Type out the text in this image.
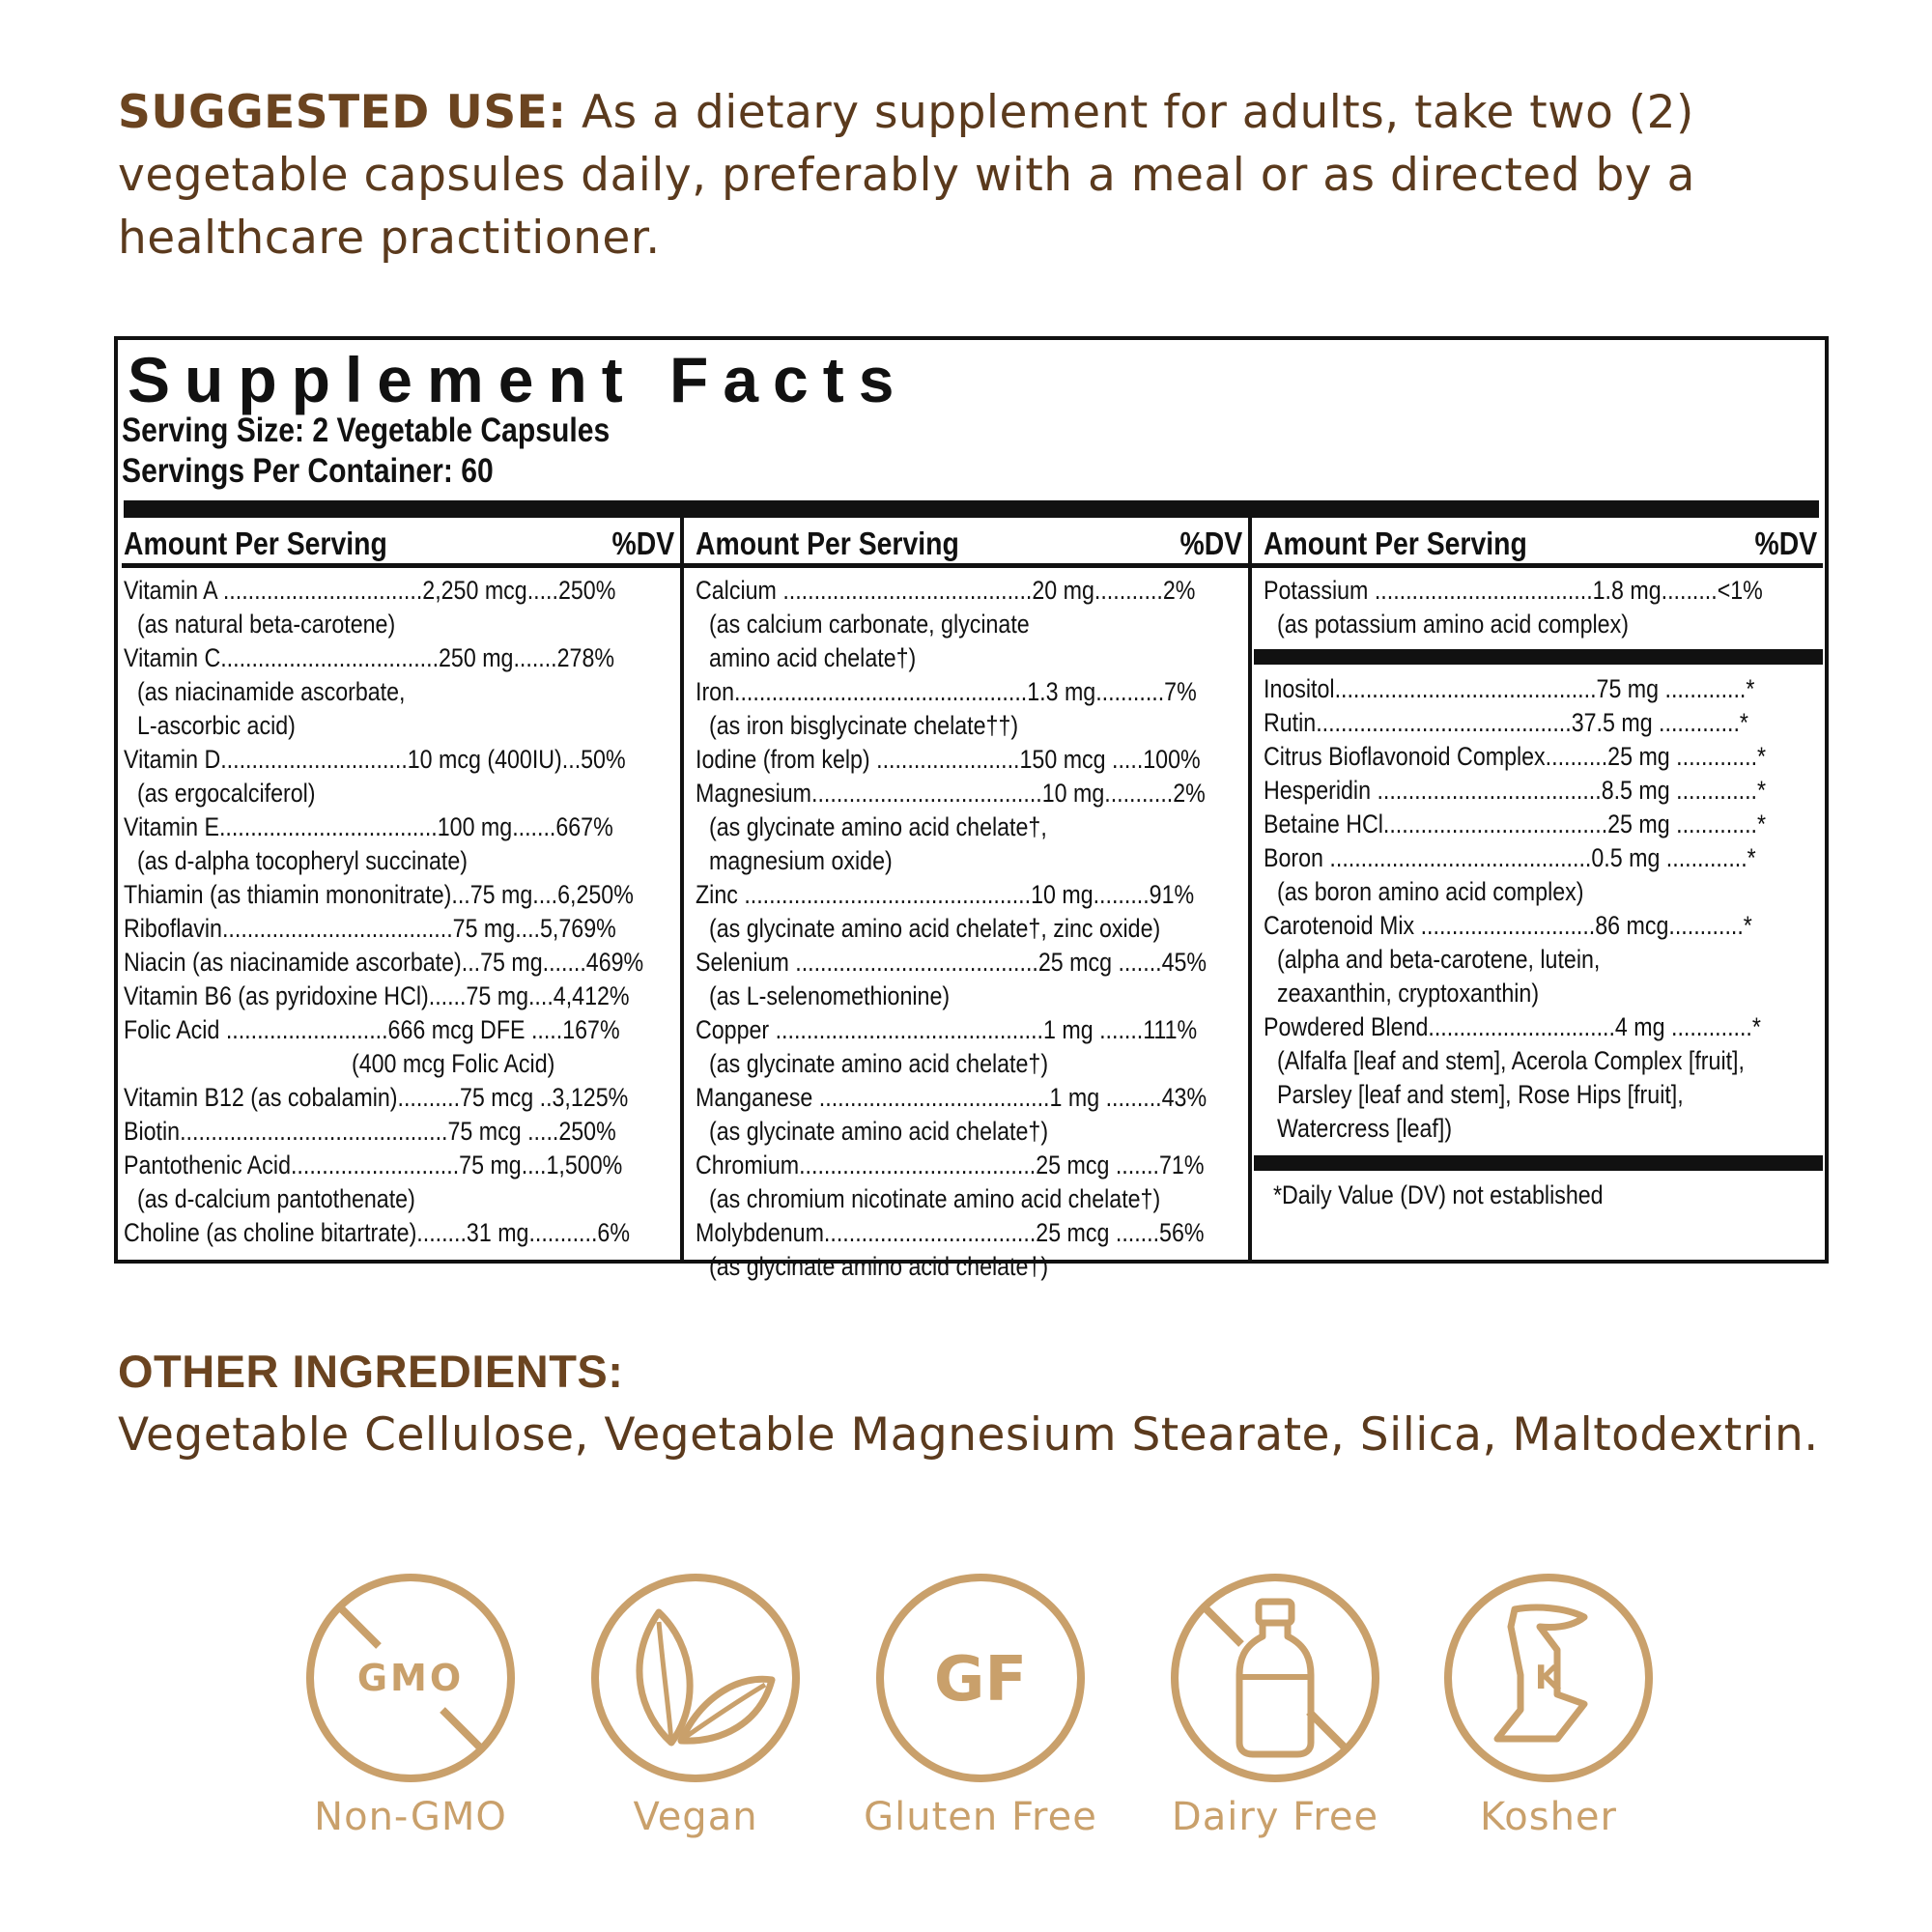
SUGGESTED USE: As a dietary supplement for adults, take two (2) vegetable capsules daily, preferably with a meal or as directed by a healthcare practitioner.
Supplement Facts
Serving Size: 2 Vegetable Capsules
Servings Per Container: 60
Amount Per Serving	%DV
Vitamin A ................................2,250 mcg.....250%
(as natural beta-carotene)
Vitamin C...................................250 mg.......278%
(as niacinamide ascorbate,
L-ascorbic acid)
Vitamin D..............................10 mcg (400IU)...50%
(as ergocalciferol)
Vitamin E...................................100 mg.......667%
(as d-alpha tocopheryl succinate)
Thiamin (as thiamin mononitrate)...75 mg....6,250%
Riboflavin.....................................75 mg....5,769%
Niacin (as niacinamide ascorbate)...75 mg.......469%
Vitamin B6 (as pyridoxine HCl)......75 mg....4,412%
Folic Acid ..........................666 mcg DFE .....167%
(400 mcg Folic Acid)
Vitamin B12 (as cobalamin)..........75 mcg ..3,125%
Biotin...........................................75 mcg .....250%
Pantothenic Acid...........................75 mg....1,500%
(as d-calcium pantothenate)
Choline (as choline bitartrate)........31 mg...........6%
Amount Per Serving	%DV
Calcium ........................................20 mg...........2%
(as calcium carbonate, glycinate
amino acid chelate†)
Iron...............................................1.3 mg...........7%
(as iron bisglycinate chelate††)
Iodine (from kelp) .......................150 mcg .....100%
Magnesium.....................................10 mg...........2%
(as glycinate amino acid chelate†,
magnesium oxide)
Zinc ..............................................10 mg.........91%
(as glycinate amino acid chelate†, zinc oxide)
Selenium .......................................25 mcg .......45%
(as L-selenomethionine)
Copper ...........................................1 mg .......111%
(as glycinate amino acid chelate†)
Manganese .....................................1 mg .........43%
(as glycinate amino acid chelate†)
Chromium......................................25 mcg .......71%
(as chromium nicotinate amino acid chelate†)
Molybdenum..................................25 mcg .......56%
(as glycinate amino acid chelate†)
Amount Per Serving	%DV
Potassium ...................................1.8 mg.........<1%
(as potassium amino acid complex)
Inositol..........................................75 mg .............*
Rutin.........................................37.5 mg .............*
Citrus Bioflavonoid Complex..........25 mg .............*
Hesperidin ....................................8.5 mg .............*
Betaine HCl....................................25 mg .............*
Boron ..........................................0.5 mg .............*
(as boron amino acid complex)
Carotenoid Mix ............................86 mcg............*
(alpha and beta-carotene, lutein,
zeaxanthin, cryptoxanthin)
Powdered Blend..............................4 mg .............*
(Alfalfa [leaf and stem], Acerola Complex [fruit],
Parsley [leaf and stem], Rose Hips [fruit],
Watercress [leaf])
*Daily Value (DV) not established
OTHER INGREDIENTS:
Vegetable Cellulose, Vegetable Magnesium Stearate, Silica, Maltodextrin.
GMO
Non-GMO	Vegan
GF
Gluten Free	Dairy Free
K
Kosher
